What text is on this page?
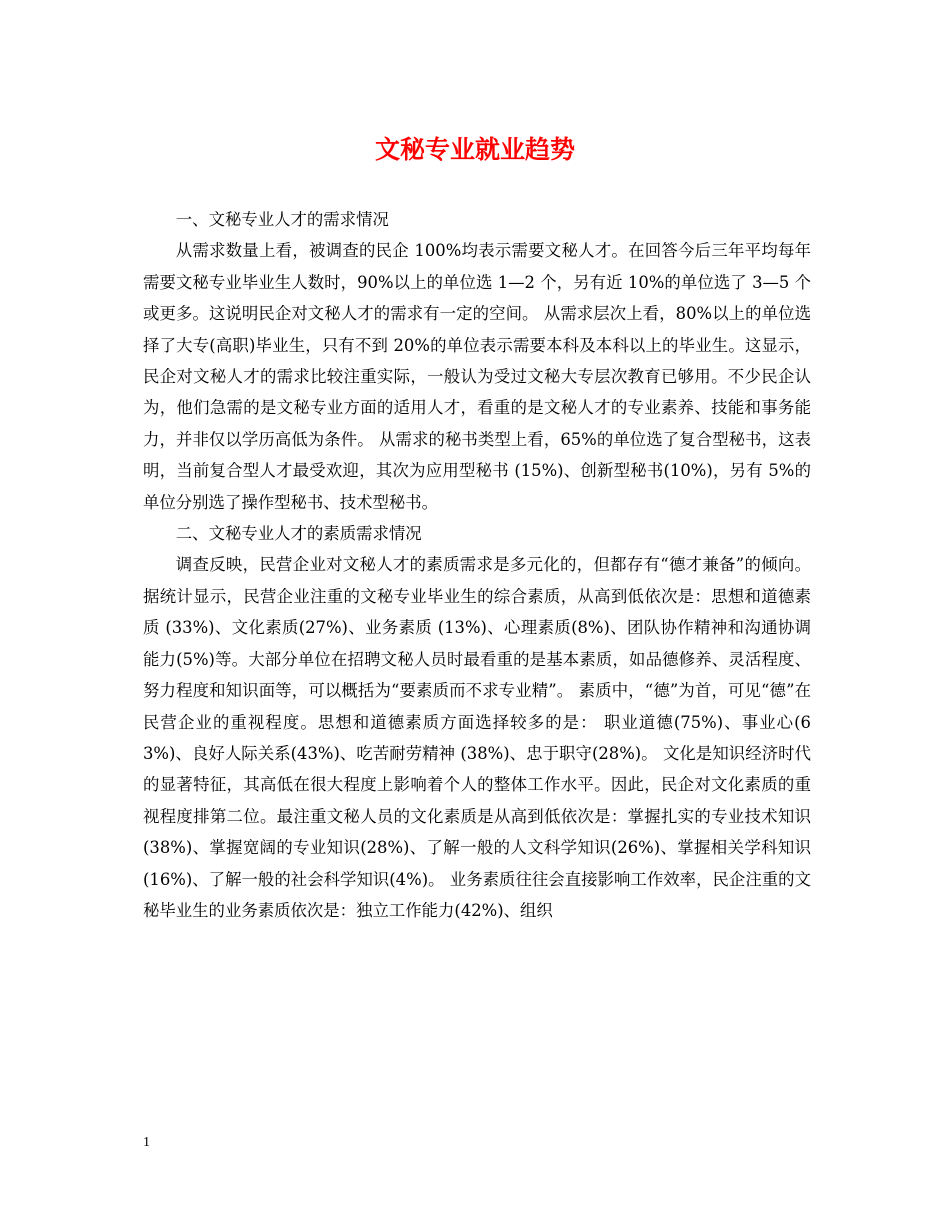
文秘专业就业趋势

一、文秘专业人才的需求情况

从需求数量上看，被调查的民企 100%均表示需要文秘人才。在回答今后三年平均每年需要文秘专业毕业生人数时，90%以上的单位选 1—2 个，另有近 10%的单位选了 3—5 个或更多。这说明民企对文秘人才的需求有一定的空间。 从需求层次上看，80%以上的单位选择了大专(高职)毕业生，只有不到 20%的单位表示需要本科及本科以上的毕业生。这显示，民企对文秘人才的需求比较注重实际，一般认为受过文秘大专层次教育已够用。不少民企认为，他们急需的是文秘专业方面的适用人才，看重的是文秘人才的专业素养、技能和事务能力，并非仅以学历高低为条件。 从需求的秘书类型上看，65%的单位选了复合型秘书，这表明，当前复合型人才最受欢迎，其次为应用型秘书 (15%)、创新型秘书(10%)，另有 5%的单位分别选了操作型秘书、技术型秘书。

二、文秘专业人才的素质需求情况

调查反映，民营企业对文秘人才的素质需求是多元化的，但都存有“德才兼备”的倾向。据统计显示，民营企业注重的文秘专业毕业生的综合素质，从高到低依次是：思想和道德素质 (33%)、文化素质(27%)、业务素质 (13%)、心理素质(8%)、团队协作精神和沟通协调能力(5%)等。大部分单位在招聘文秘人员时最看重的是基本素质，如品德修养、灵活程度、努力程度和知识面等，可以概括为“要素质而不求专业精”。 素质中，“德”为首，可见“德”在民营企业的重视程度。思想和道德素质方面选择较多的是： 职业道德(75%)、事业心(63%)、良好人际关系(43%)、吃苦耐劳精神 (38%)、忠于职守(28%)。 文化是知识经济时代的显著特征，其高低在很大程度上影响着个人的整体工作水平。因此，民企对文化素质的重视程度排第二位。最注重文秘人员的文化素质是从高到低依次是：掌握扎实的专业技术知识(38%)、掌握宽阔的专业知识(28%)、了解一般的人文科学知识(26%)、掌握相关学科知识(16%)、了解一般的社会科学知识(4%)。 业务素质往往会直接影响工作效率，民企注重的文秘毕业生的业务素质依次是：独立工作能力(42%)、组织

1
